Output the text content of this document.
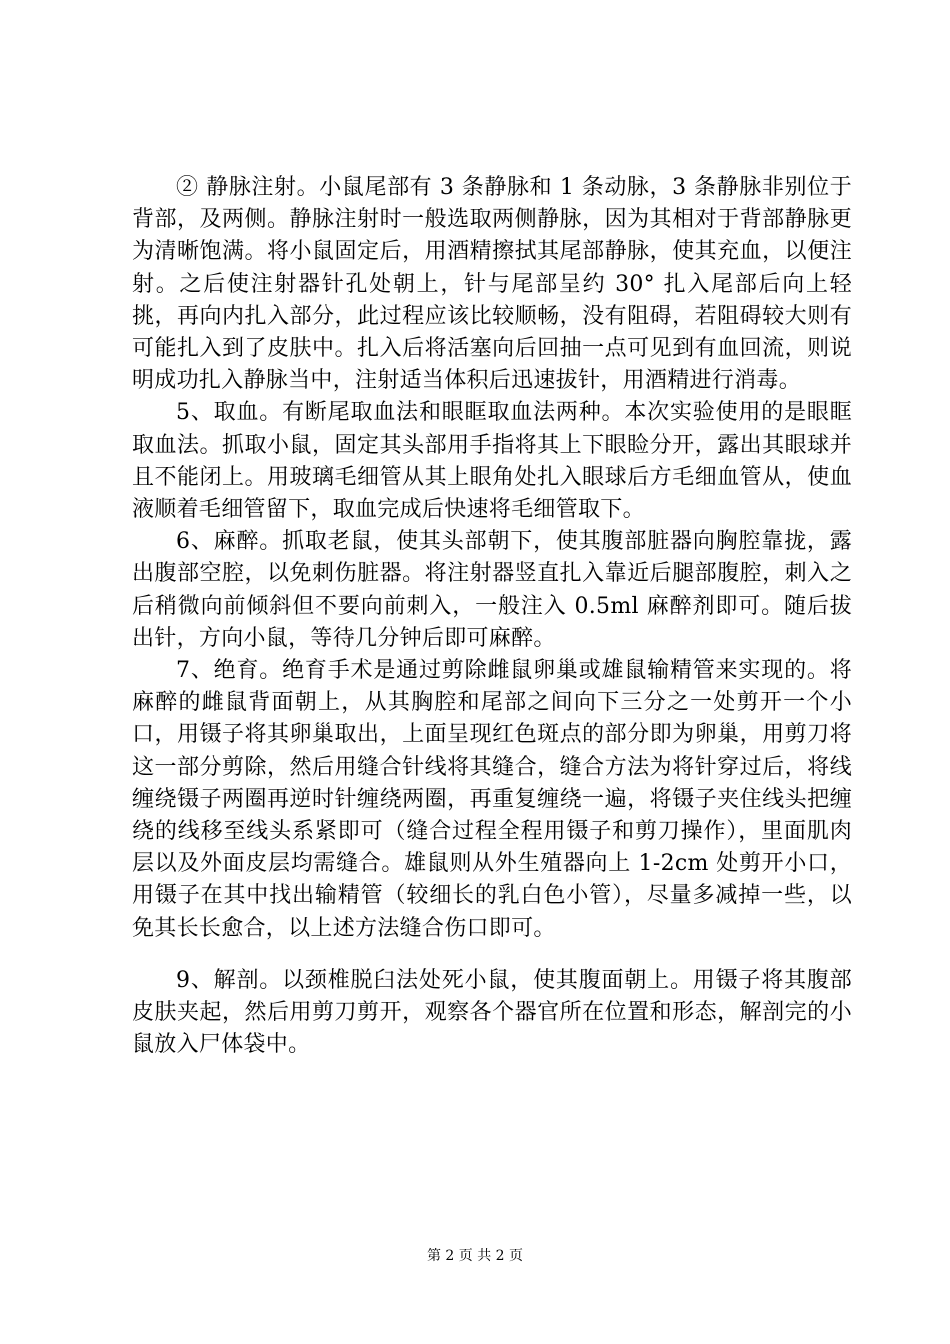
② 静脉注射。小鼠尾部有 3 条静脉和 1 条动脉，3 条静脉非别位于背部，及两侧。静脉注射时一般选取两侧静脉，因为其相对于背部静脉更为清晰饱满。将小鼠固定后，用酒精擦拭其尾部静脉，使其充血，以便注射。之后使注射器针孔处朝上，针与尾部呈约 30° 扎入尾部后向上轻挑，再向内扎入部分，此过程应该比较顺畅，没有阻碍，若阻碍较大则有可能扎入到了皮肤中。扎入后将活塞向后回抽一点可见到有血回流，则说明成功扎入静脉当中，注射适当体积后迅速拔针，用酒精进行消毒。

5、取血。有断尾取血法和眼眶取血法两种。本次实验使用的是眼眶取血法。抓取小鼠，固定其头部用手指将其上下眼睑分开，露出其眼球并且不能闭上。用玻璃毛细管从其上眼角处扎入眼球后方毛细血管从，使血液顺着毛细管留下，取血完成后快速将毛细管取下。

6、麻醉。抓取老鼠，使其头部朝下，使其腹部脏器向胸腔靠拢，露出腹部空腔，以免刺伤脏器。将注射器竖直扎入靠近后腿部腹腔，刺入之后稍微向前倾斜但不要向前刺入，一般注入 0.5ml 麻醉剂即可。随后拔出针，方向小鼠，等待几分钟后即可麻醉。

7、绝育。绝育手术是通过剪除雌鼠卵巢或雄鼠输精管来实现的。将麻醉的雌鼠背面朝上，从其胸腔和尾部之间向下三分之一处剪开一个小口，用镊子将其卵巢取出，上面呈现红色斑点的部分即为卵巢，用剪刀将这一部分剪除，然后用缝合针线将其缝合，缝合方法为将针穿过后，将线缠绕镊子两圈再逆时针缠绕两圈，再重复缠绕一遍，将镊子夹住线头把缠绕的线移至线头系紧即可（缝合过程全程用镊子和剪刀操作），里面肌肉层以及外面皮层均需缝合。雄鼠则从外生殖器向上 1-2cm 处剪开小口，用镊子在其中找出输精管（较细长的乳白色小管），尽量多减掉一些，以免其长长愈合，以上述方法缝合伤口即可。

9、解剖。以颈椎脱臼法处死小鼠，使其腹面朝上。用镊子将其腹部皮肤夹起，然后用剪刀剪开，观察各个器官所在位置和形态，解剖完的小鼠放入尸体袋中。

第 2 页 共 2 页
